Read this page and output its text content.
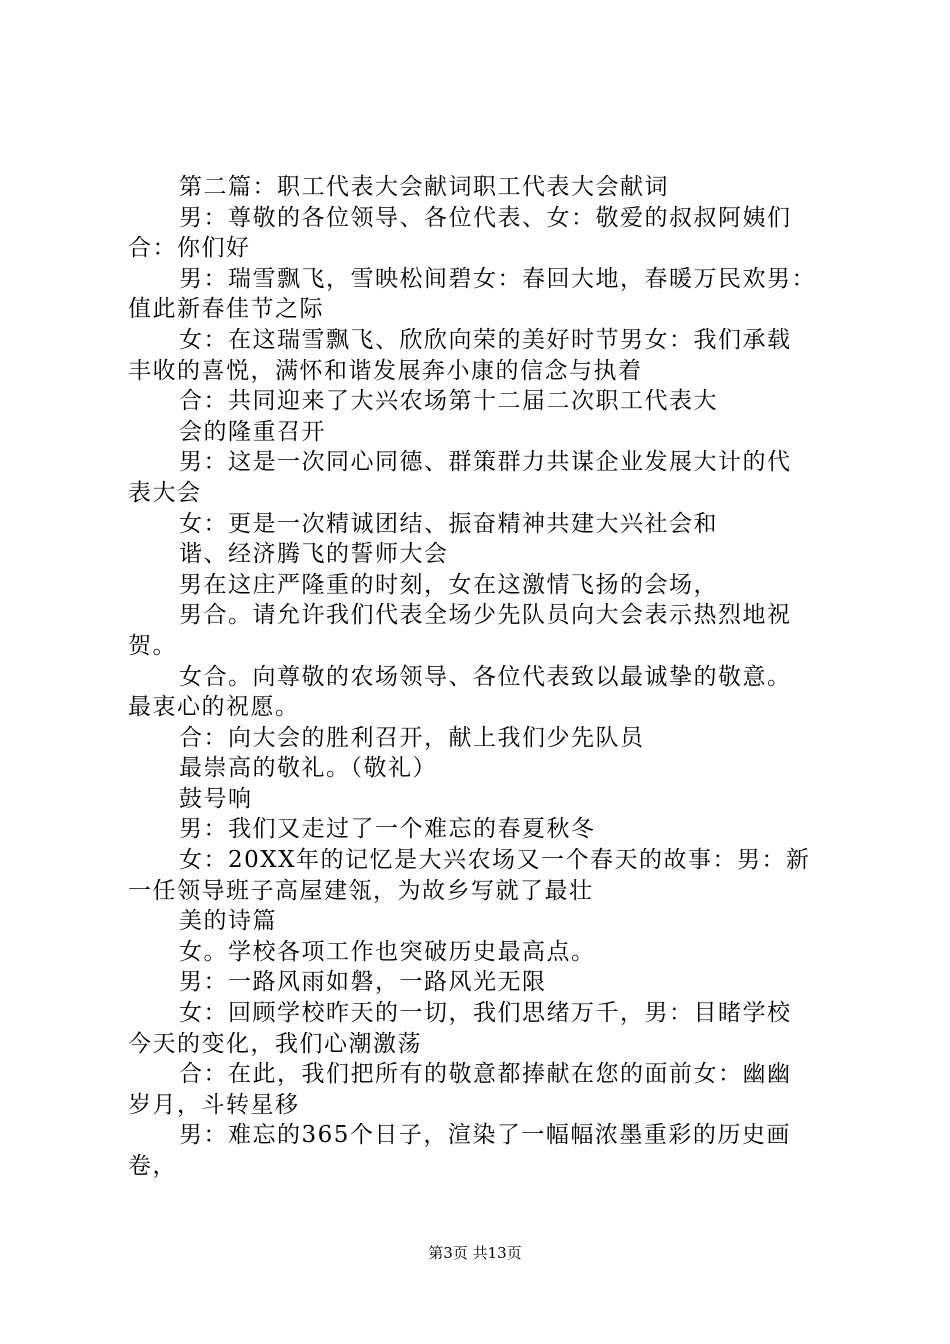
第二篇：职工代表大会献词职工代表大会献词
男：尊敬的各位领导、各位代表、女：敬爱的叔叔阿姨们
合：你们好
男：瑞雪飘飞，雪映松间碧女：春回大地，春暖万民欢男：
值此新春佳节之际
女：在这瑞雪飘飞、欣欣向荣的美好时节男女：我们承载
丰收的喜悦，满怀和谐发展奔小康的信念与执着
合：共同迎来了大兴农场第十二届二次职工代表大
会的隆重召开
男：这是一次同心同德、群策群力共谋企业发展大计的代
表大会
女：更是一次精诚团结、振奋精神共建大兴社会和
谐、经济腾飞的誓师大会
男在这庄严隆重的时刻，女在这激情飞扬的会场，
男合。请允许我们代表全场少先队员向大会表示热烈地祝
贺。
女合。向尊敬的农场领导、各位代表致以最诚挚的敬意。
最衷心的祝愿。
合：向大会的胜利召开，献上我们少先队员
最崇高的敬礼。（敬礼）
鼓号响
男：我们又走过了一个难忘的春夏秋冬
女：20XX年的记忆是大兴农场又一个春天的故事：男：新
一任领导班子高屋建瓴，为故乡写就了最壮
美的诗篇
女。学校各项工作也突破历史最高点。
男：一路风雨如磐，一路风光无限
女：回顾学校昨天的一切，我们思绪万千，男：目睹学校
今天的变化，我们心潮激荡
合：在此，我们把所有的敬意都捧献在您的面前女：幽幽
岁月，斗转星移
男：难忘的365个日子，渲染了一幅幅浓墨重彩的历史画
卷，
第3页 共13页
